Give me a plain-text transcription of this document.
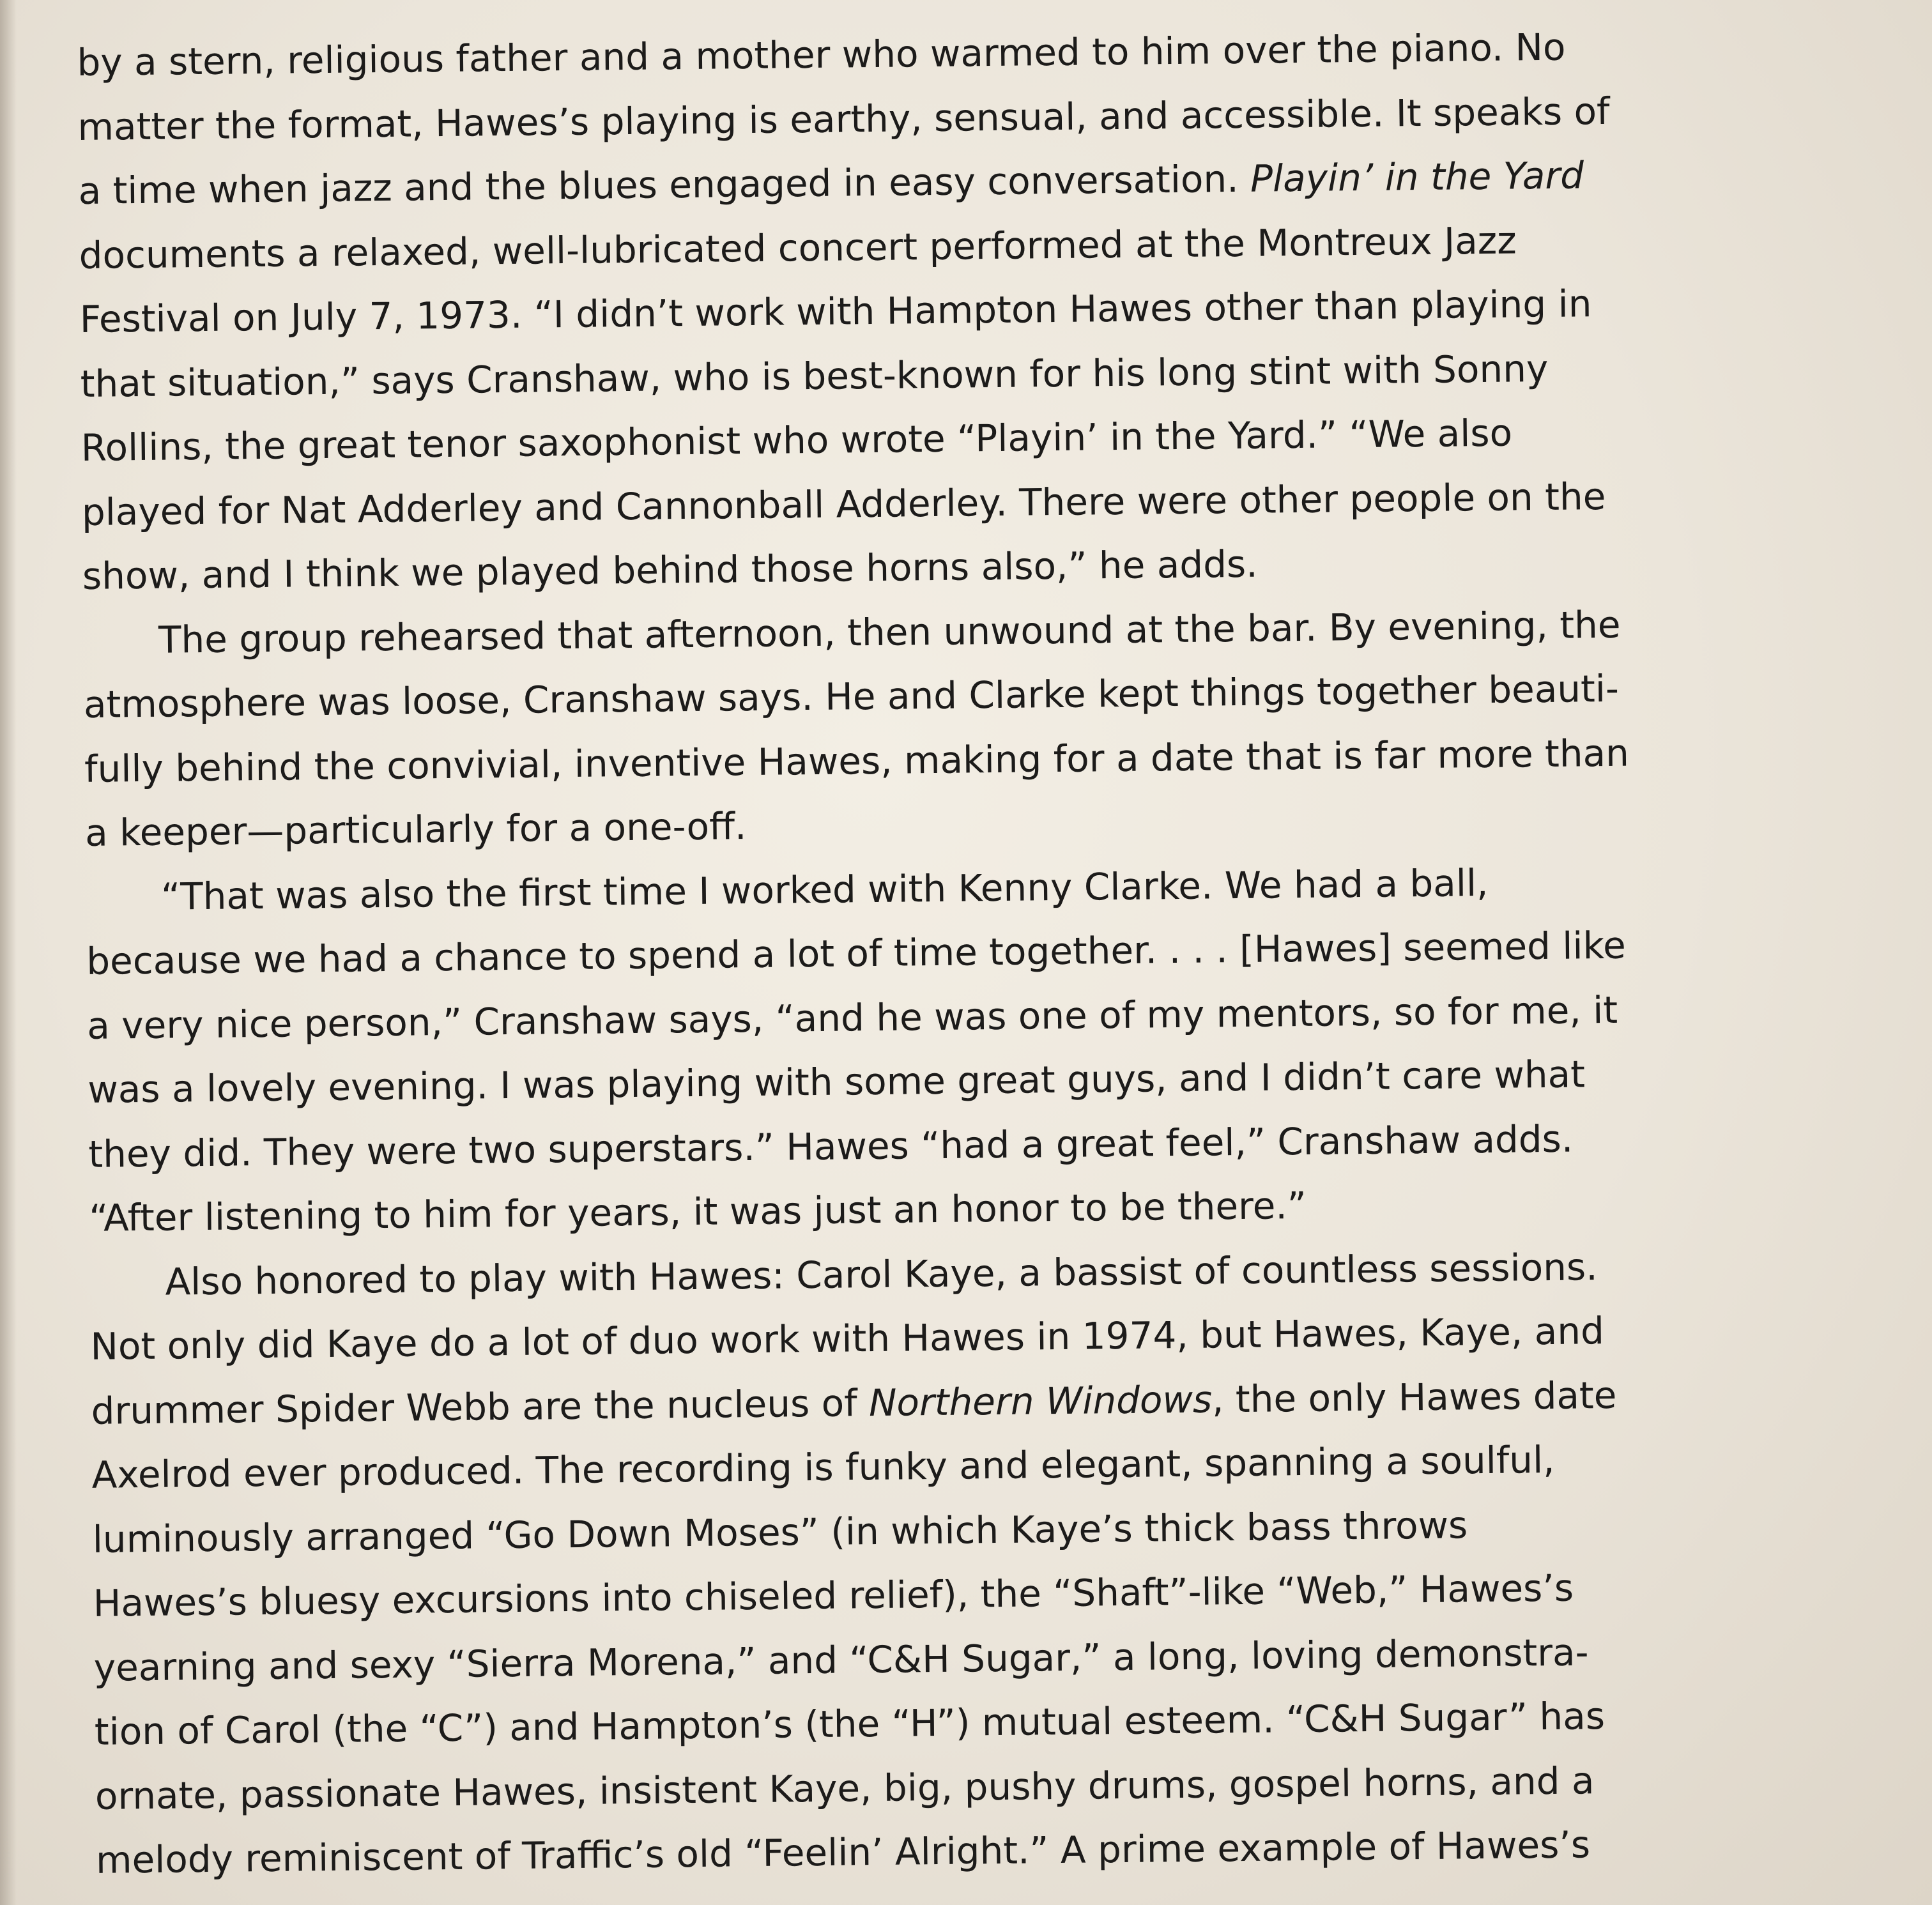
by a stern, religious father and a mother who warmed to him over the piano. No
matter the format, Hawes’s playing is earthy, sensual, and accessible. It speaks of
a time when jazz and the blues engaged in easy conversation. Playin’ in the Yard
documents a relaxed, well-lubricated concert performed at the Montreux Jazz
Festival on July 7, 1973. “I didn’t work with Hampton Hawes other than playing in
that situation,” says Cranshaw, who is best-known for his long stint with Sonny
Rollins, the great tenor saxophonist who wrote “Playin’ in the Yard.” “We also
played for Nat Adderley and Cannonball Adderley. There were other people on the
show, and I think we played behind those horns also,” he adds.
The group rehearsed that afternoon, then unwound at the bar. By evening, the
atmosphere was loose, Cranshaw says. He and Clarke kept things together beauti-
fully behind the convivial, inventive Hawes, making for a date that is far more than
a keeper—particularly for a one-off.
“That was also the first time I worked with Kenny Clarke. We had a ball,
because we had a chance to spend a lot of time together. . . . [Hawes] seemed like
a very nice person,” Cranshaw says, “and he was one of my mentors, so for me, it
was a lovely evening. I was playing with some great guys, and I didn’t care what
they did. They were two superstars.” Hawes “had a great feel,” Cranshaw adds.
“After listening to him for years, it was just an honor to be there.”
Also honored to play with Hawes: Carol Kaye, a bassist of countless sessions.
Not only did Kaye do a lot of duo work with Hawes in 1974, but Hawes, Kaye, and
drummer Spider Webb are the nucleus of Northern Windows, the only Hawes date
Axelrod ever produced. The recording is funky and elegant, spanning a soulful,
luminously arranged “Go Down Moses” (in which Kaye’s thick bass throws
Hawes’s bluesy excursions into chiseled relief), the “Shaft”-like “Web,” Hawes’s
yearning and sexy “Sierra Morena,” and “C&H Sugar,” a long, loving demonstra-
tion of Carol (the “C”) and Hampton’s (the “H”) mutual esteem. “C&H Sugar” has
ornate, passionate Hawes, insistent Kaye, big, pushy drums, gospel horns, and a
melody reminiscent of Traffic’s old “Feelin’ Alright.” A prime example of Hawes’s
